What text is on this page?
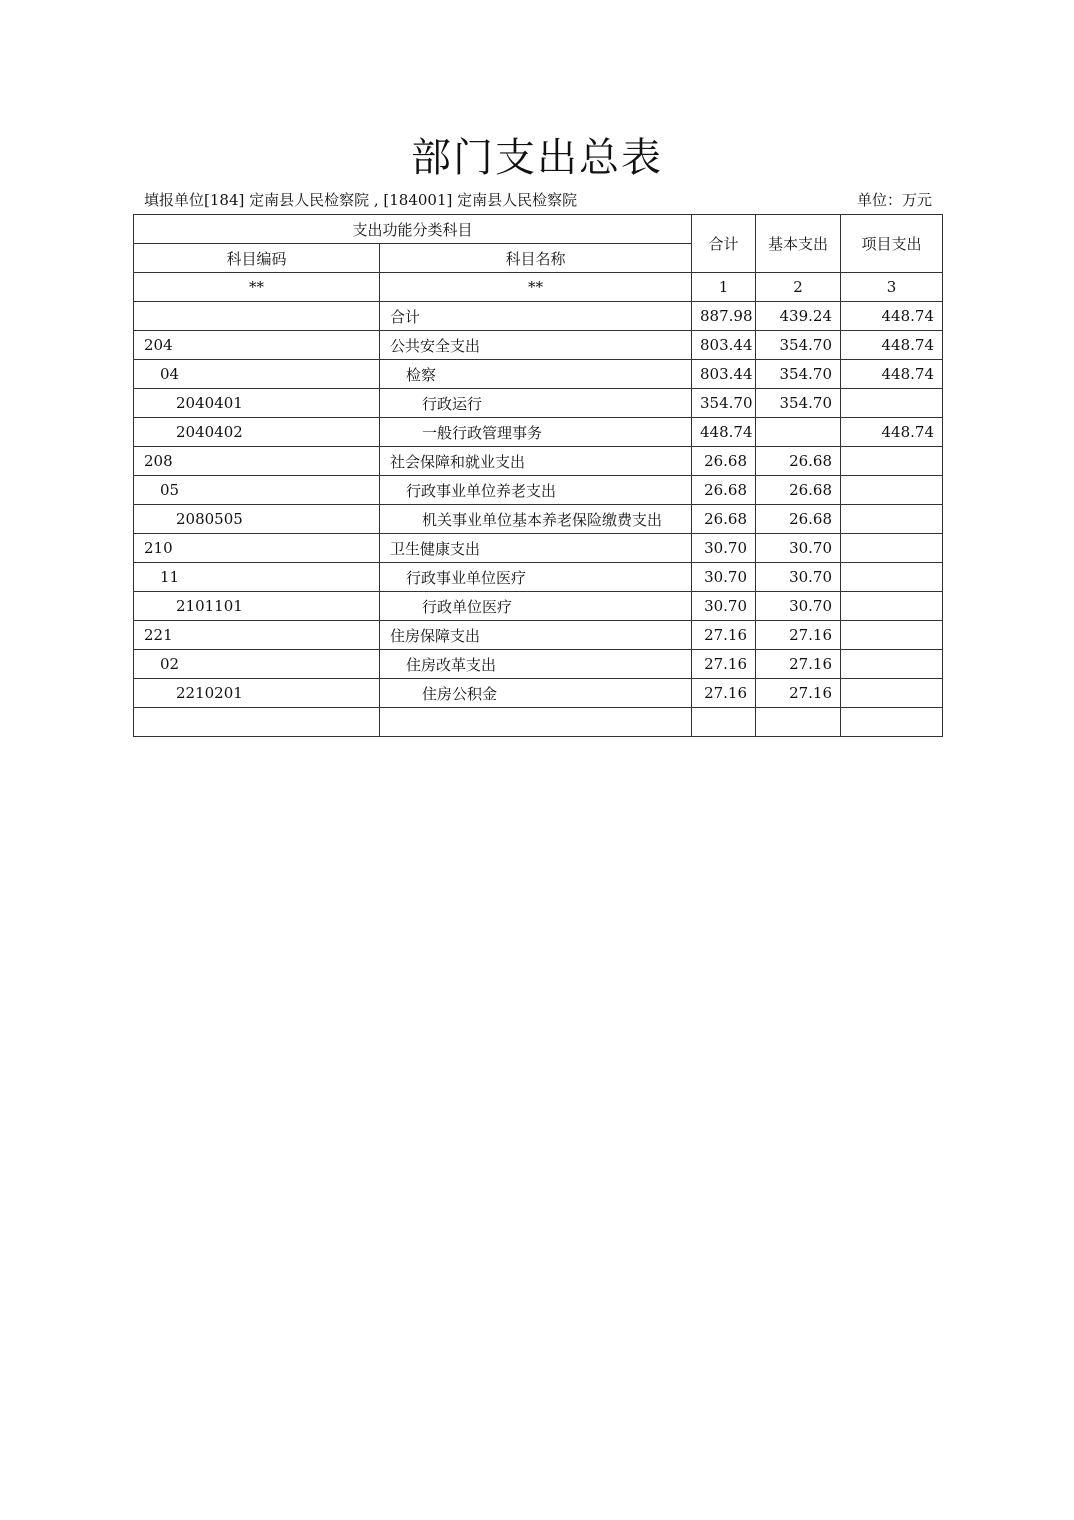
部门支出总表
填报单位[184] 定南县人民检察院 , [184001] 定南县人民检察院	单位：万元
支出功能分类科目		合计	基本支出	项目支出
科目编码	科目名称			
**	**	1	2	3
	合计	887.98	439.24	448.74
204	公共安全支出	803.44	354.70	448.74
04	检察	803.44	354.70	448.74
2040401	行政运行	354.70	354.70	
2040402	一般行政管理事务	448.74		448.74
208	社会保障和就业支出	26.68	26.68	
05	行政事业单位养老支出	26.68	26.68	
2080505	机关事业单位基本养老保险缴费支出	26.68	26.68	
210	卫生健康支出	30.70	30.70	
11	行政事业单位医疗	30.70	30.70	
2101101	行政单位医疗	30.70	30.70	
221	住房保障支出	27.16	27.16	
02	住房改革支出	27.16	27.16	
2210201	住房公积金	27.16	27.16	
